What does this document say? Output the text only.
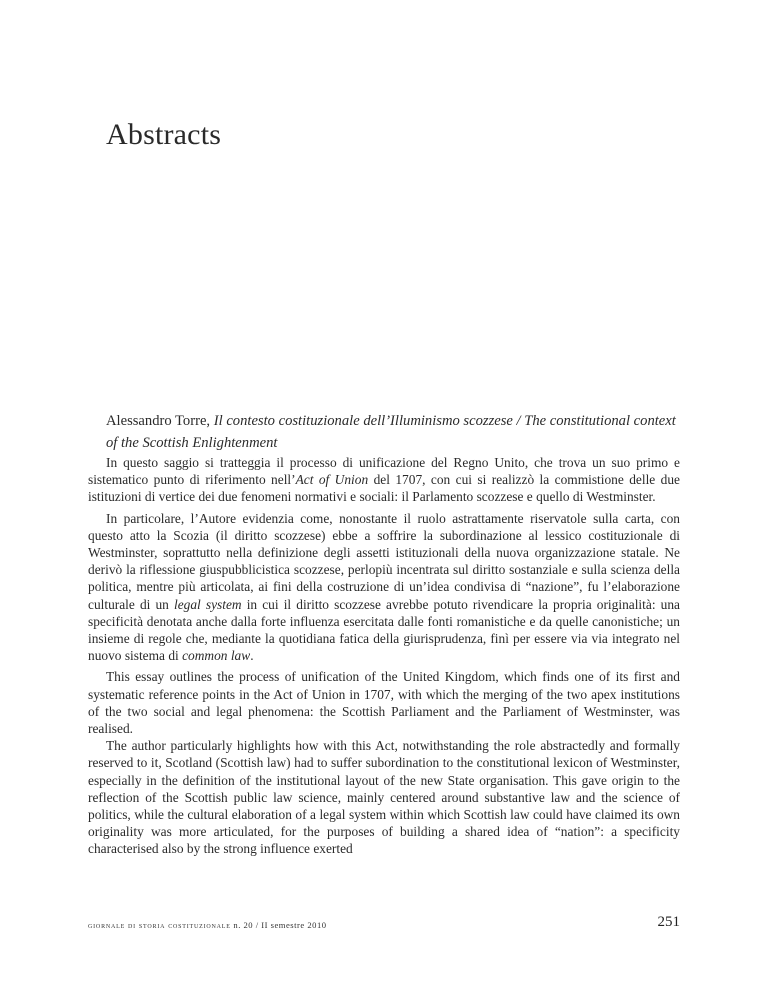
Abstracts

Alessandro Torre, Il contesto costituzionale dell’Illuminismo scozzese / The constitutional context of the Scottish Enlightenment

In questo saggio si tratteggia il processo di unificazione del Regno Unito, che trova un suo primo e sistematico punto di riferimento nell’Act of Union del 1707, con cui si realizzò la commistione delle due istituzioni di vertice dei due fenomeni normativi e sociali: il Parlamento scozzese e quello di Westminster.

In particolare, l’Autore evidenzia come, nonostante il ruolo astrattamente riservatole sulla carta, con questo atto la Scozia (il diritto scozzese) ebbe a soffrire la subordinazione al lessico costituzionale di Westminster, soprattutto nella definizione degli assetti istituzionali della nuova organizzazione statale. Ne derivò la riflessione giuspubblicistica scozzese, perlopiù incentrata sul diritto sostanziale e sulla scienza della politica, mentre più articolata, ai fini della costruzione di un’idea condivisa di “nazione”, fu l’elaborazione culturale di un legal system in cui il diritto scozzese avrebbe potuto rivendicare la propria originalità: una specificità denotata anche dalla forte influenza esercitata dalle fonti romanistiche e da quelle canonistiche; un insieme di regole che, mediante la quotidiana fatica della giurisprudenza, finì per essere via via integrato nel nuovo sistema di common law.

This essay outlines the process of unification of the United Kingdom, which finds one of its first and systematic reference points in the Act of Union in 1707, with which the merging of the two apex institutions of the two social and legal phenomena: the Scottish Parliament and the Parliament of Westminster, was realised.

The author particularly highlights how with this Act, notwithstanding the role abstractedly and formally reserved to it, Scotland (Scottish law) had to suffer subordination to the constitutional lexicon of Westminster, especially in the definition of the institutional layout of the new State organisation. This gave origin to the reflection of the Scottish public law science, mainly centered around substantive law and the science of politics, while the cultural elaboration of a legal system within which Scottish law could have claimed its own originality was more articulated, for the purposes of building a shared idea of “nation”: a specificity characterised also by the strong influence exerted

giornale di storia costituzionale n. 20 / II semestre 2010	251
